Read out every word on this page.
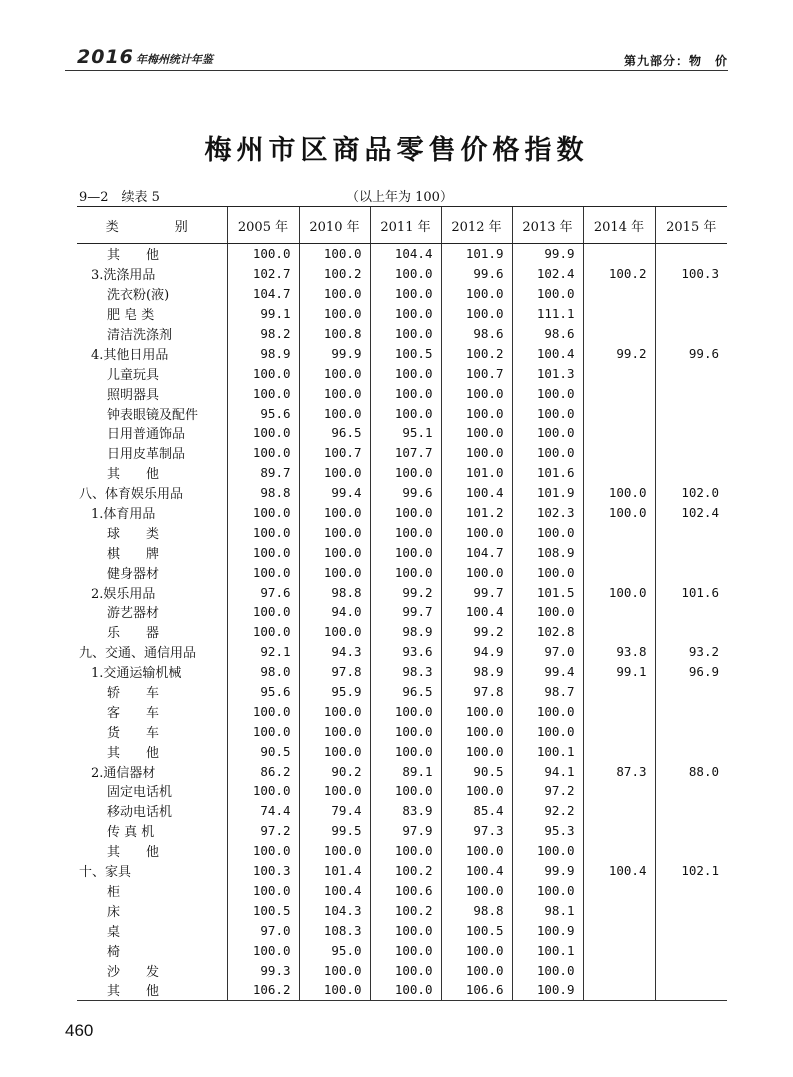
2016 年梅州统计年鉴	第九部分：物　价
梅州市区商品零售价格指数
9—2　续表 5	（以上年为 100）
类　　别	2005 年	2010 年	2011 年	2012 年	2013 年	2014 年	2015 年
其　　他	100.0	100.0	104.4	101.9	99.9		
3.洗涤用品	102.7	100.2	100.0	99.6	102.4	100.2	100.3
洗衣粉(液)	104.7	100.0	100.0	100.0	100.0		
肥 皂 类	99.1	100.0	100.0	100.0	111.1		
清洁洗涤剂	98.2	100.8	100.0	98.6	98.6		
4.其他日用品	98.9	99.9	100.5	100.2	100.4	99.2	99.6
儿童玩具	100.0	100.0	100.0	100.7	101.3		
照明器具	100.0	100.0	100.0	100.0	100.0		
钟表眼镜及配件	95.6	100.0	100.0	100.0	100.0		
日用普通饰品	100.0	96.5	95.1	100.0	100.0		
日用皮革制品	100.0	100.7	107.7	100.0	100.0		
其　　他	89.7	100.0	100.0	101.0	101.6		
八、体育娱乐用品	98.8	99.4	99.6	100.4	101.9	100.0	102.0
1.体育用品	100.0	100.0	100.0	101.2	102.3	100.0	102.4
球　　类	100.0	100.0	100.0	100.0	100.0		
棋　　牌	100.0	100.0	100.0	104.7	108.9		
健身器材	100.0	100.0	100.0	100.0	100.0		
2.娱乐用品	97.6	98.8	99.2	99.7	101.5	100.0	101.6
游艺器材	100.0	94.0	99.7	100.4	100.0		
乐　　器	100.0	100.0	98.9	99.2	102.8		
九、交通、通信用品	92.1	94.3	93.6	94.9	97.0	93.8	93.2
1.交通运输机械	98.0	97.8	98.3	98.9	99.4	99.1	96.9
轿　　车	95.6	95.9	96.5	97.8	98.7		
客　　车	100.0	100.0	100.0	100.0	100.0		
货　　车	100.0	100.0	100.0	100.0	100.0		
其　　他	90.5	100.0	100.0	100.0	100.1		
2.通信器材	86.2	90.2	89.1	90.5	94.1	87.3	88.0
固定电话机	100.0	100.0	100.0	100.0	97.2		
移动电话机	74.4	79.4	83.9	85.4	92.2		
传 真 机	97.2	99.5	97.9	97.3	95.3		
其　　他	100.0	100.0	100.0	100.0	100.0		
十、家具	100.3	101.4	100.2	100.4	99.9	100.4	102.1
柜	100.0	100.4	100.6	100.0	100.0		
床	100.5	104.3	100.2	98.8	98.1		
桌	97.0	108.3	100.0	100.5	100.9		
椅	100.0	95.0	100.0	100.0	100.1		
沙　　发	99.3	100.0	100.0	100.0	100.0		
其　　他	106.2	100.0	100.0	106.6	100.9		
460
